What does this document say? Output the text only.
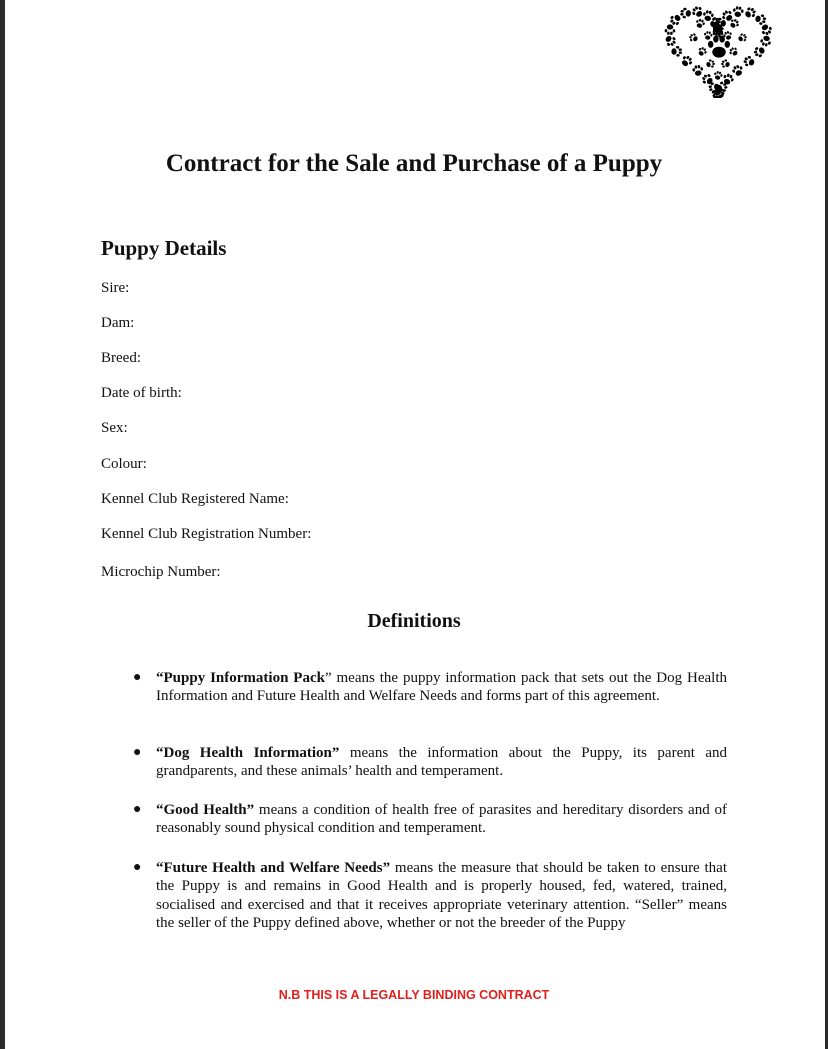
Contract for the Sale and Purchase of a Puppy
Puppy Details
Sire:
Dam:
Breed:
Date of birth:
Sex:
Colour:
Kennel Club Registered Name:
Kennel Club Registration Number:
Microchip Number:
Definitions
● “Puppy Information Pack” means the puppy information pack that sets out the Dog Health Information and Future Health and Welfare Needs and forms part of this agreement.
● “Dog Health Information” means the information about the Puppy, its parent and grandparents, and these animals’ health and temperament.
● “Good Health” means a condition of health free of parasites and hereditary disorders and of reasonably sound physical condition and temperament.
● “Future Health and Welfare Needs” means the measure that should be taken to ensure that the Puppy is and remains in Good Health and is properly housed, fed, watered, trained, socialised and exercised and that it receives appropriate veterinary attention. “Seller” means the seller of the Puppy defined above, whether or not the breeder of the Puppy
N.B THIS IS A LEGALLY BINDING CONTRACT
